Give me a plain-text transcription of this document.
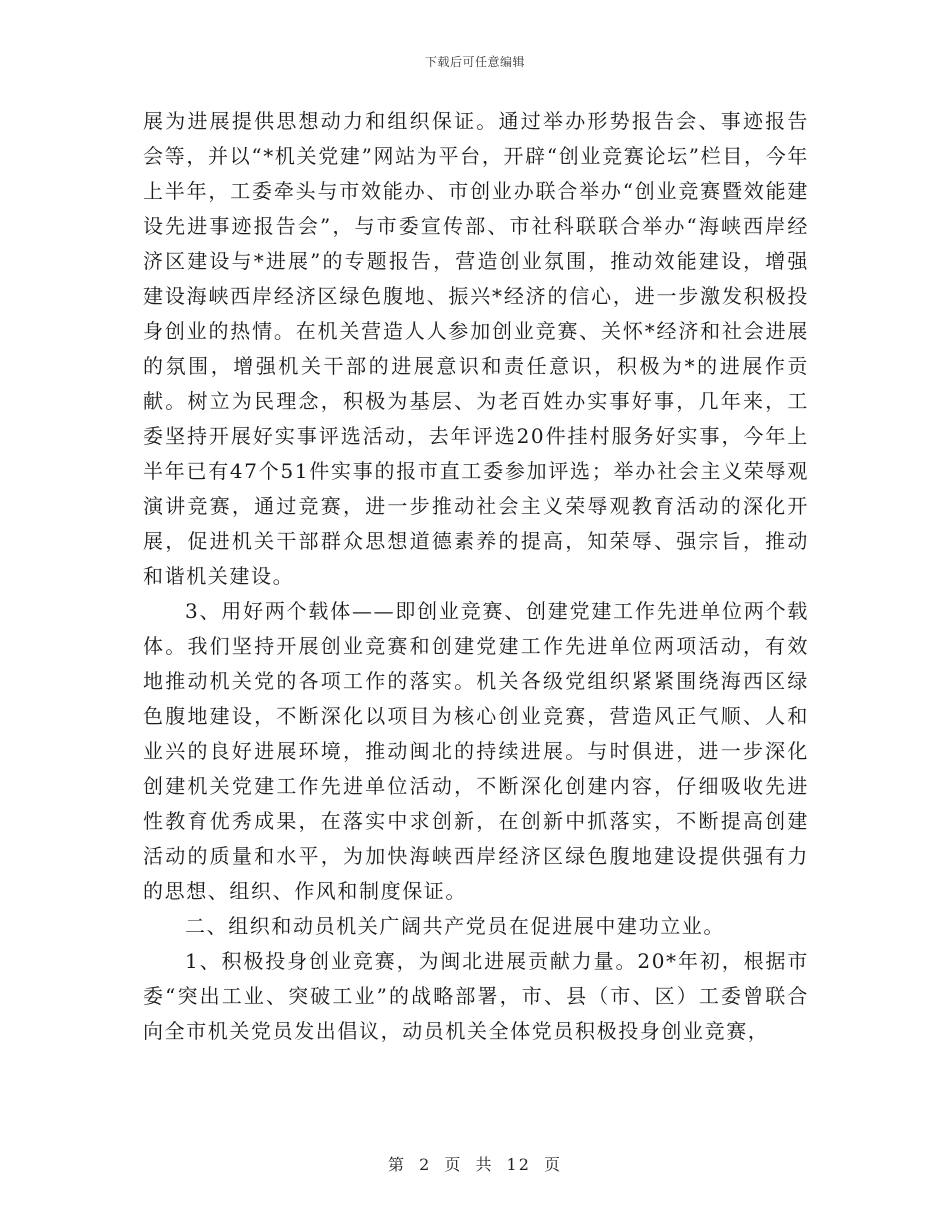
下载后可任意编辑

展为进展提供思想动力和组织保证。通过举办形势报告会、事迹报告会等，并以“*机关党建”网站为平台，开辟“创业竞赛论坛”栏目，今年上半年，工委牵头与市效能办、市创业办联合举办“创业竞赛暨效能建设先进事迹报告会”，与市委宣传部、市社科联联合举办“海峡西岸经济区建设与*进展”的专题报告，营造创业氛围，推动效能建设，增强建设海峡西岸经济区绿色腹地、振兴*经济的信心，进一步激发积极投身创业的热情。在机关营造人人参加创业竞赛、关怀*经济和社会进展的氛围，增强机关干部的进展意识和责任意识，积极为*的进展作贡献。树立为民理念，积极为基层、为老百姓办实事好事，几年来，工委坚持开展好实事评选活动，去年评选20件挂村服务好实事，今年上半年已有47个51件实事的报市直工委参加评选；举办社会主义荣辱观演讲竞赛，通过竞赛，进一步推动社会主义荣辱观教育活动的深化开展，促进机关干部群众思想道德素养的提高，知荣辱、强宗旨，推动和谐机关建设。

3、用好两个载体——即创业竞赛、创建党建工作先进单位两个载体。我们坚持开展创业竞赛和创建党建工作先进单位两项活动，有效地推动机关党的各项工作的落实。机关各级党组织紧紧围绕海西区绿色腹地建设，不断深化以项目为核心创业竞赛，营造风正气顺、人和业兴的良好进展环境，推动闽北的持续进展。与时俱进，进一步深化创建机关党建工作先进单位活动，不断深化创建内容，仔细吸收先进性教育优秀成果，在落实中求创新，在创新中抓落实，不断提高创建活动的质量和水平，为加快海峡西岸经济区绿色腹地建设提供强有力的思想、组织、作风和制度保证。

二、组织和动员机关广阔共产党员在促进展中建功立业。

1、积极投身创业竞赛，为闽北进展贡献力量。20*年初，根据市委“突出工业、突破工业”的战略部署，市、县（市、区）工委曾联合向全市机关党员发出倡议，动员机关全体党员积极投身创业竞赛，

第 2 页 共 12 页
